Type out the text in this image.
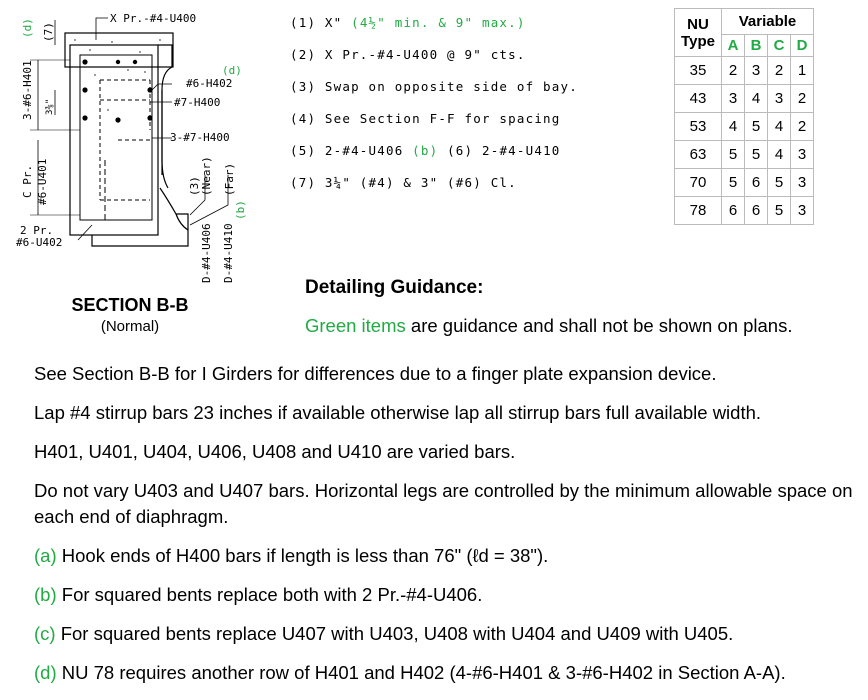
X Pr.-#4-U400
#6-H402
(d)
#7-H400
3-#7-H400
2 Pr.
#6-U402
3-#6-H401
(d) (7)
3⅜"
C Pr. #6-U401	(3) (Near) (Far)
D-#4-U406 D-#4-U410
(b)
SECTION B-B
(Normal)
(1) X" (4½" min. & 9" max.)
(2) X Pr.-#4-U400 @ 9" cts.
(3) Swap on opposite side of bay.
(4) See Section F-F for spacing
(5) 2-#4-U406 (b) (6) 2-#4-U410
(7) 3¼" (#4) & 3" (#6) Cl.
NU
Type	Variable			
	A	B	C	D
35	2	3	2	1
43	3	4	3	2
53	4	5	4	2
63	5	5	4	3
70	5	6	5	3
78	6	6	5	3
Detailing Guidance:
Green items are guidance and shall not be shown on plans.

See Section B-B for I Girders for differences due to a finger plate expansion device.

Lap #4 stirrup bars 23 inches if available otherwise lap all stirrup bars full available width.

H401, U401, U404, U406, U408 and U410 are varied bars.

Do not vary U403 and U407 bars. Horizontal legs are controlled by the minimum allowable space on each end of diaphragm.

(a) Hook ends of H400 bars if length is less than 76" (ℓd = 38").

(b) For squared bents replace both with 2 Pr.-#4-U406.

(c) For squared bents replace U407 with U403, U408 with U404 and U409 with U405.

(d) NU 78 requires another row of H401 and H402 (4-#6-H401 & 3-#6-H402 in Section A-A).
